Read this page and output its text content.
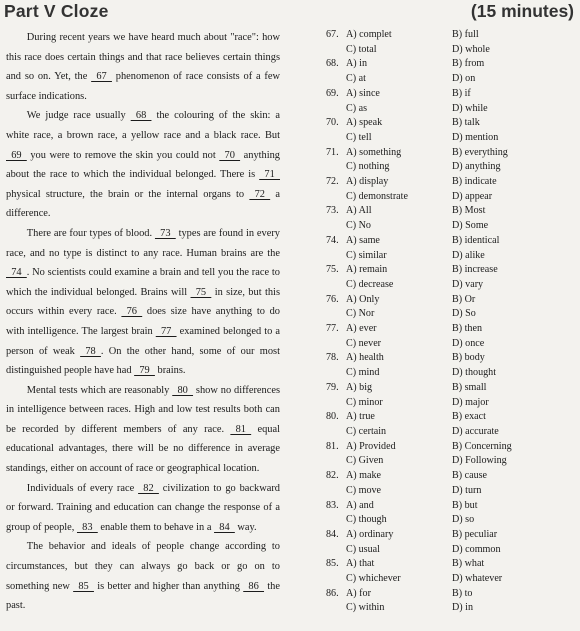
Part V Cloze	(15 minutes)

During recent years we have heard much about "race": how this race does certain things and that race believes certain things and so on. Yet, the   67   phenomenon of race consists of a few surface indications.

We judge race usually   68   the colouring of the skin: a white race, a brown race, a yellow race and a black race. But   69   you were to remove the skin you could not   70   anything about the race to which the individual belonged. There is   71   physical structure, the brain or the internal organs to   72   a difference.

There are four types of blood.   73   types are found in every race, and no type is distinct to any race. Human brains are the   74  . No scientists could examine a brain and tell you the race to which the individual belonged. Brains will   75   in size, but this occurs within every race.   76   does size have anything to do with intelligence. The largest brain   77   examined belonged to a person of weak   78  . On the other hand, some of our most distinguished people have had   79   brains.

Mental tests which are reasonably   80   show no differences in intelligence between races. High and low test results both can be recorded by different members of any race.   81   equal educational advantages, there will be no difference in average standings, either on account of race or geographical location.

Individuals of every race   82   civilization to go backward or forward. Training and education can change the response of a group of people,   83   enable them to behave in a   84   way.

The behavior and ideals of people change according to circumstances, but they can always go back or go on to something new   85   is better and higher than anything   86   the past.

67. A) complet	B) full
C) total	D) whole
68. A) in	B) from
C) at	D) on
69. A) since	B) if
C) as	D) while
70. A) speak	B) talk
C) tell	D) mention
71. A) something	B) everything
C) nothing	D) anything
72. A) display	B) indicate
C) demonstrate	D) appear
73. A) All	B) Most
C) No	D) Some
74. A) same	B) identical
C) similar	D) alike
75. A) remain	B) increase
C) decrease	D) vary
76. A) Only	B) Or
C) Nor	D) So
77. A) ever	B) then
C) never	D) once
78. A) health	B) body
C) mind	D) thought
79. A) big	B) small
C) minor	D) major
80. A) true	B) exact
C) certain	D) accurate
81. A) Provided	B) Concerning
C) Given	D) Following
82. A) make	B) cause
C) move	D) turn
83. A) and	B) but
C) though	D) so
84. A) ordinary	B) peculiar
C) usual	D) common
85. A) that	B) what
C) whichever	D) whatever
86. A) for	B) to
C) within	D) in
